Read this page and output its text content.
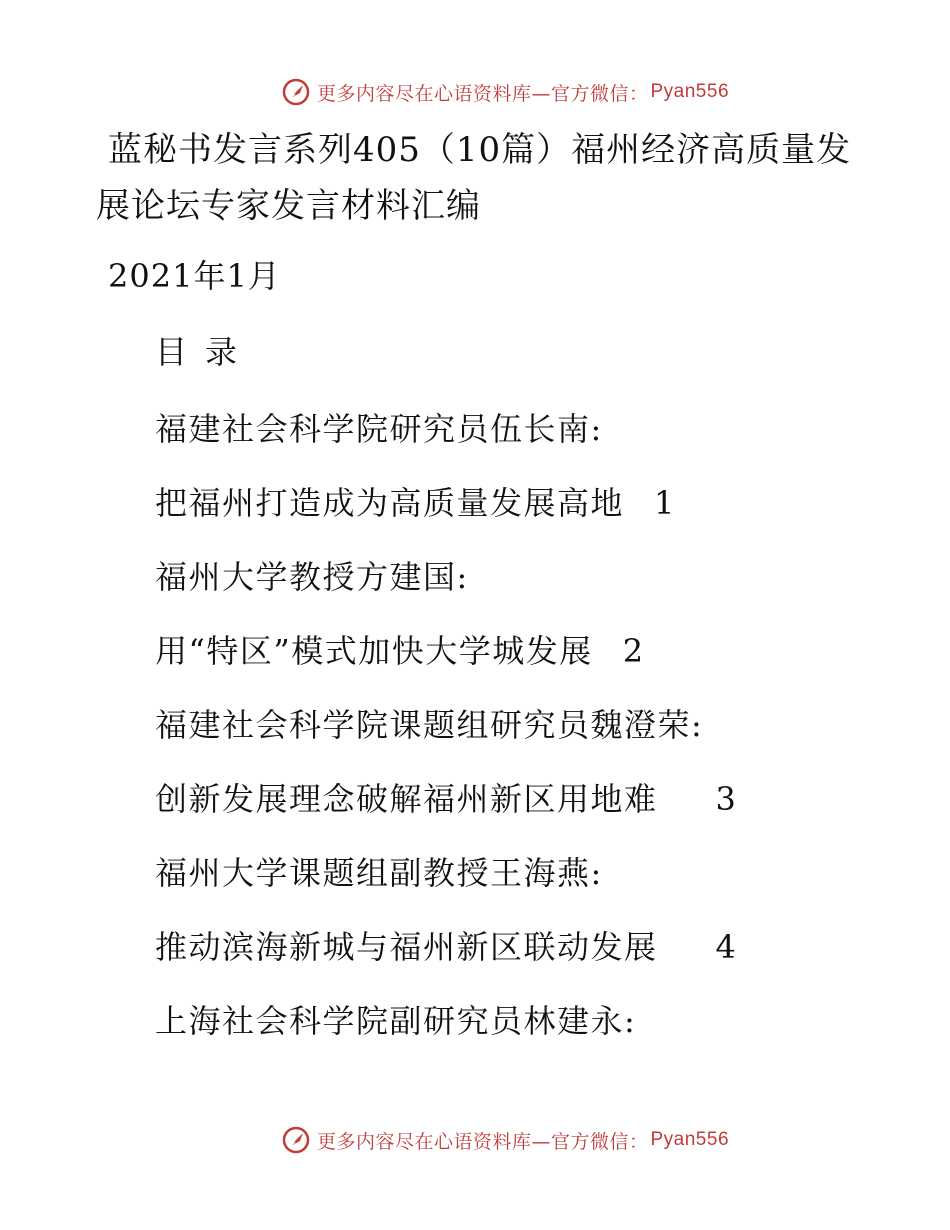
更多内容尽在心语资料库—官方微信： Pyan556
蓝秘书发言系列405（10篇）福州经济高质量发
展论坛专家发言材料汇编
2021年1月
目录
福建社会科学院研究员伍长南:
把福州打造成为高质量发展高地 1
福州大学教授方建国:
用“特区”模式加快大学城发展 2
福建社会科学院课题组研究员魏澄荣:
创新发展理念破解福州新区用地难 3
福州大学课题组副教授王海燕:
推动滨海新城与福州新区联动发展 4
上海社会科学院副研究员林建永:
更多内容尽在心语资料库—官方微信： Pyan556
